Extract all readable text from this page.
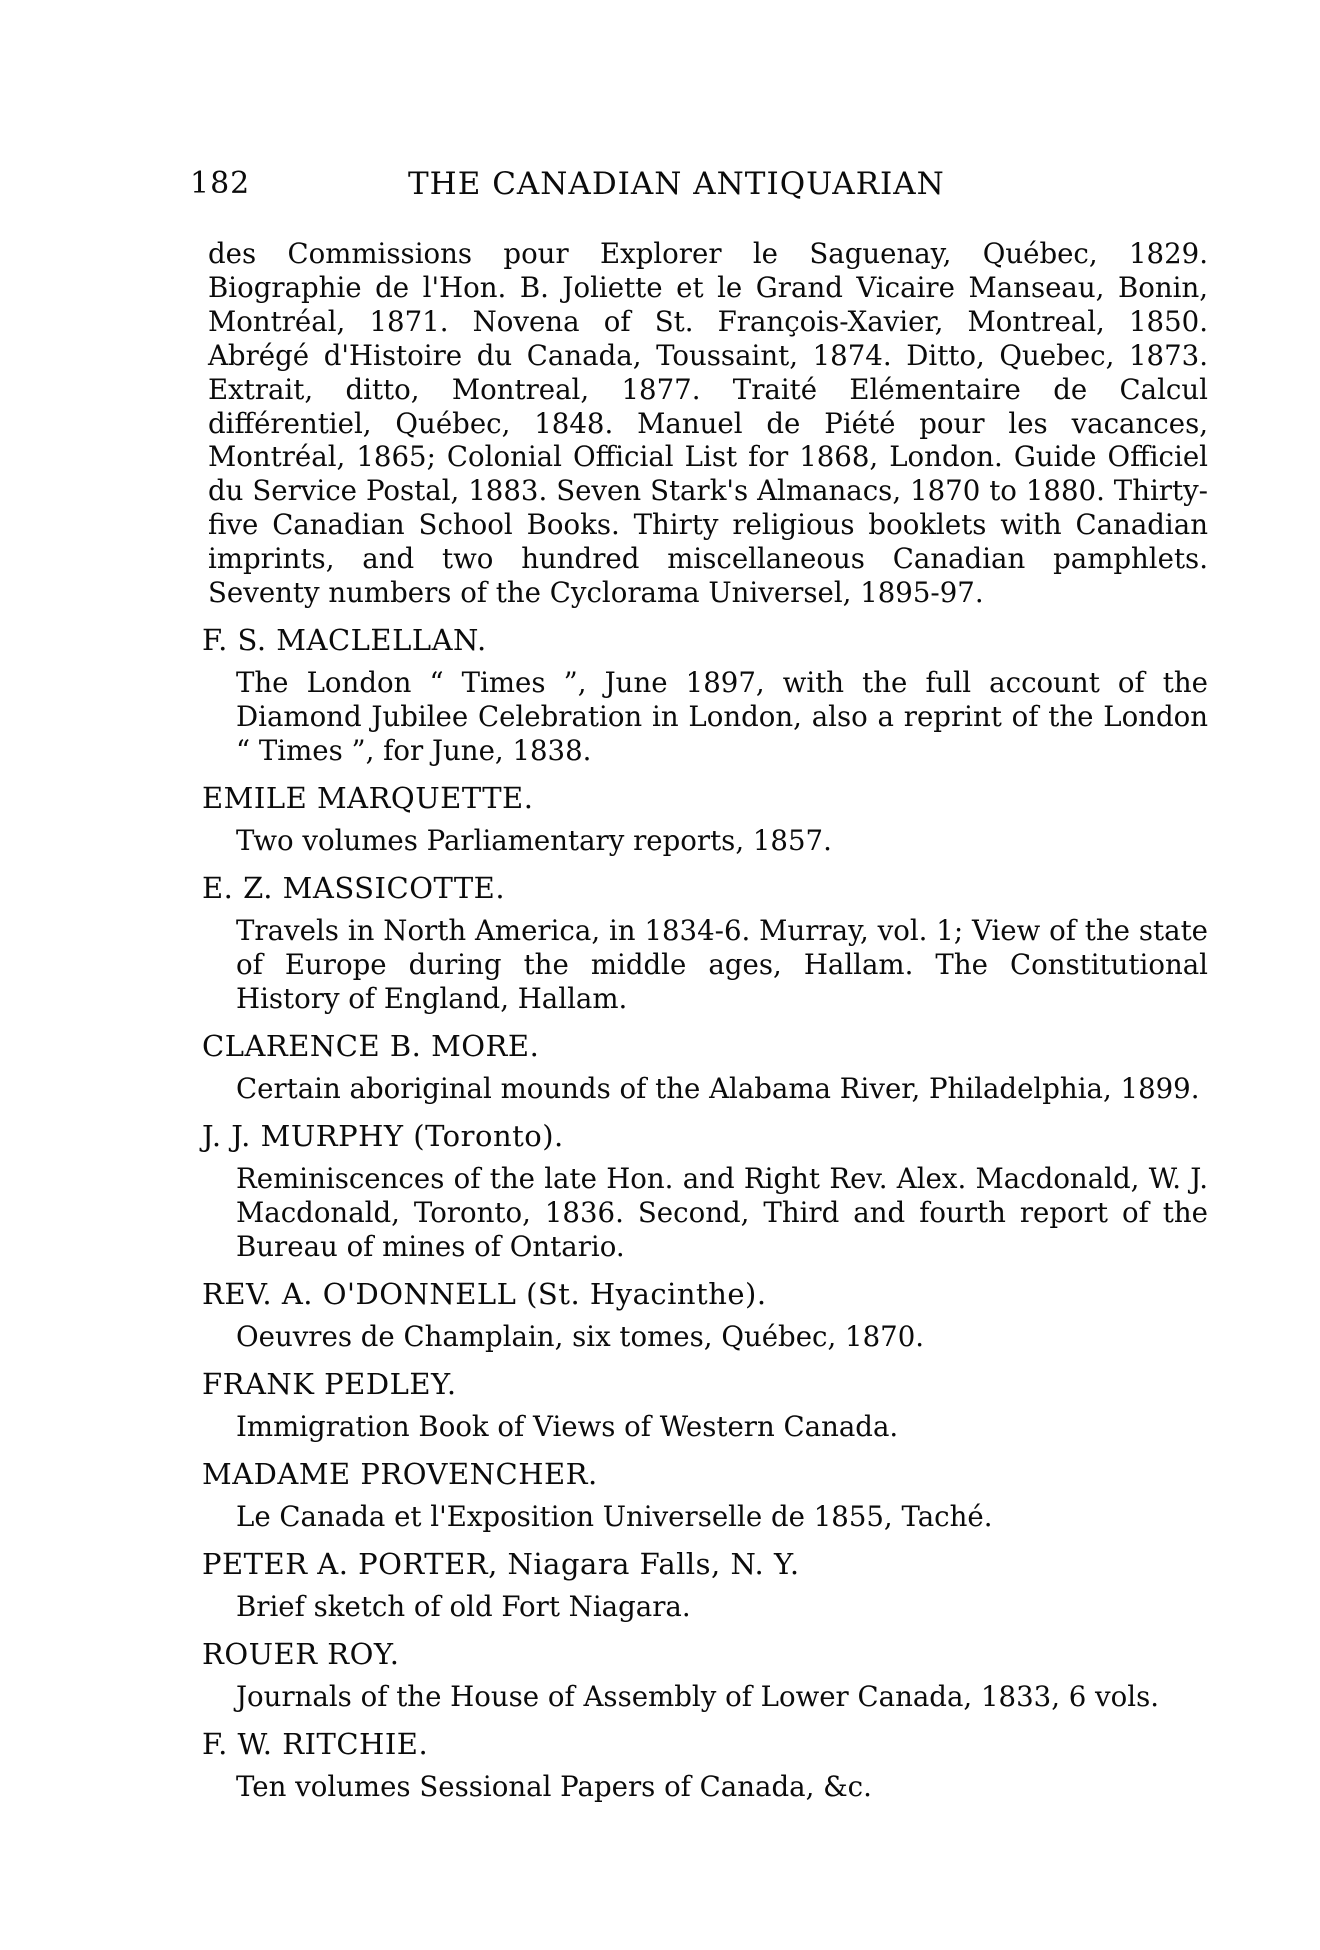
182	THE CANADIAN ANTIQUARIAN

des Commissions pour Explorer le Saguenay, Québec, 1829. Biographie de l'Hon. B. Joliette et le Grand Vicaire Manseau, Bonin, Montréal, 1871. Novena of St. François-Xavier, Montreal, 1850. Abrégé d'Histoire du Canada, Toussaint, 1874. Ditto, Quebec, 1873. Extrait, ditto, Montreal, 1877. Traité Elémentaire de Calcul différentiel, Québec, 1848. Manuel de Piété pour les vacances, Montréal, 1865; Colonial Official List for 1868, London. Guide Officiel du Service Postal, 1883. Seven Stark's Almanacs, 1870 to 1880. Thirty-five Canadian School Books. Thirty religious booklets with Canadian imprints, and two hundred miscellaneous Canadian pamphlets. Seventy numbers of the Cyclorama Universel, 1895-97.

F. S. MACLELLAN.

The London “ Times ”, June 1897, with the full account of the Diamond Jubilee Celebration in London, also a reprint of the London “ Times ”, for June, 1838.

EMILE MARQUETTE.

Two volumes Parliamentary reports, 1857.

E. Z. MASSICOTTE.

Travels in North America, in 1834-6. Murray, vol. 1; View of the state of Europe during the middle ages, Hallam. The Constitutional History of England, Hallam.

CLARENCE B. MORE.

Certain aboriginal mounds of the Alabama River, Philadelphia, 1899.

J. J. MURPHY (Toronto).

Reminiscences of the late Hon. and Right Rev. Alex. Macdonald, W. J. Macdonald, Toronto, 1836. Second, Third and fourth report of the Bureau of mines of Ontario.

REV. A. O'DONNELL (St. Hyacinthe).

Oeuvres de Champlain, six tomes, Québec, 1870.

FRANK PEDLEY.

Immigration Book of Views of Western Canada.

MADAME PROVENCHER.

Le Canada et l'Exposition Universelle de 1855, Taché.

PETER A. PORTER, Niagara Falls, N. Y.

Brief sketch of old Fort Niagara.

ROUER ROY.

Journals of the House of Assembly of Lower Canada, 1833, 6 vols.

F. W. RITCHIE.

Ten volumes Sessional Papers of Canada, &c.
